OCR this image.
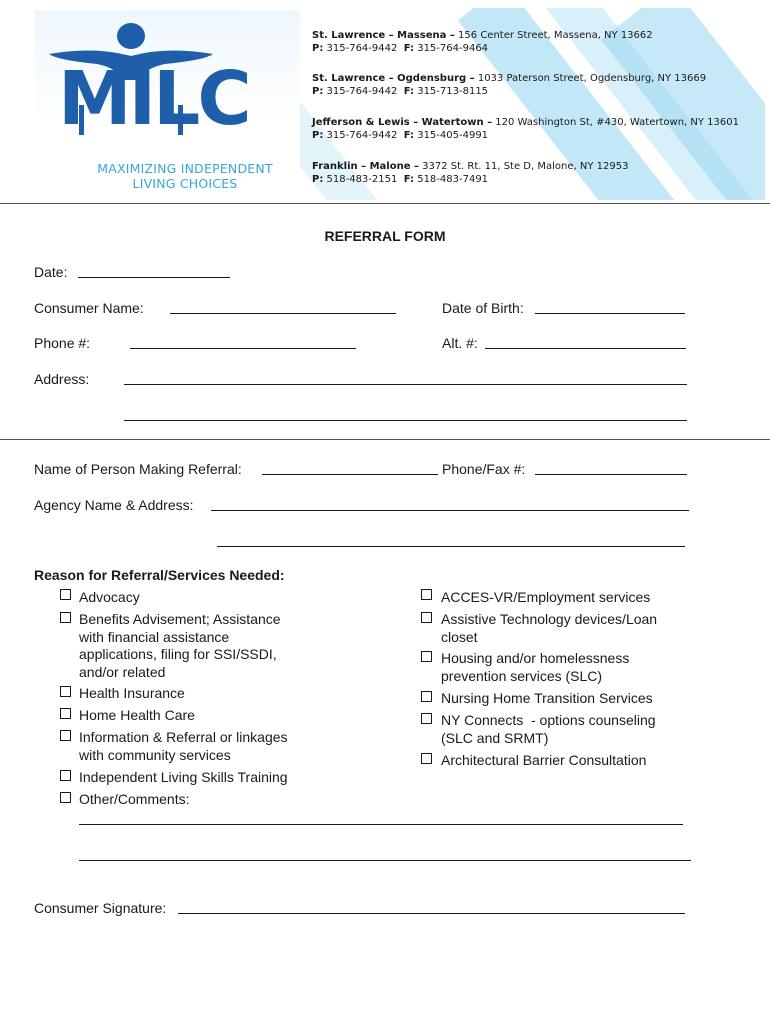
MILC
MAXIMIZING INDEPENDENT
LIVING CHOICES
St. Lawrence – Massena – 156 Center Street, Massena, NY 13662
P: 315-764-9442 F: 315-764-9464
St. Lawrence – Ogdensburg – 1033 Paterson Street, Ogdensburg, NY 13669
P: 315-764-9442 F: 315-713-8115
Jefferson & Lewis – Watertown – 120 Washington St, #430, Watertown, NY 13601
P: 315-764-9442 F: 315-405-4991
Franklin – Malone – 3372 St. Rt. 11, Ste D, Malone, NY 12953
P: 518-483-2151 F: 518-483-7491
REFERRAL FORM
Date:
Consumer Name:	Date of Birth:
Phone #:	Alt. #:
Address:
Name of Person Making Referral:	Phone/Fax #:
Agency Name & Address:
Reason for Referral/Services Needed:
Advocacy
Benefits Advisement; Assistance
with financial assistance
applications, filing for SSI/SSDI,
and/or related
Health Insurance
Home Health Care
Information & Referral or linkages
with community services
Independent Living Skills Training
Other/Comments:
ACCES-VR/Employment services
Assistive Technology devices/Loan
closet
Housing and/or homelessness
prevention services (SLC)
Nursing Home Transition Services
NY Connects  - options counseling
(SLC and SRMT)
Architectural Barrier Consultation
Consumer Signature:
